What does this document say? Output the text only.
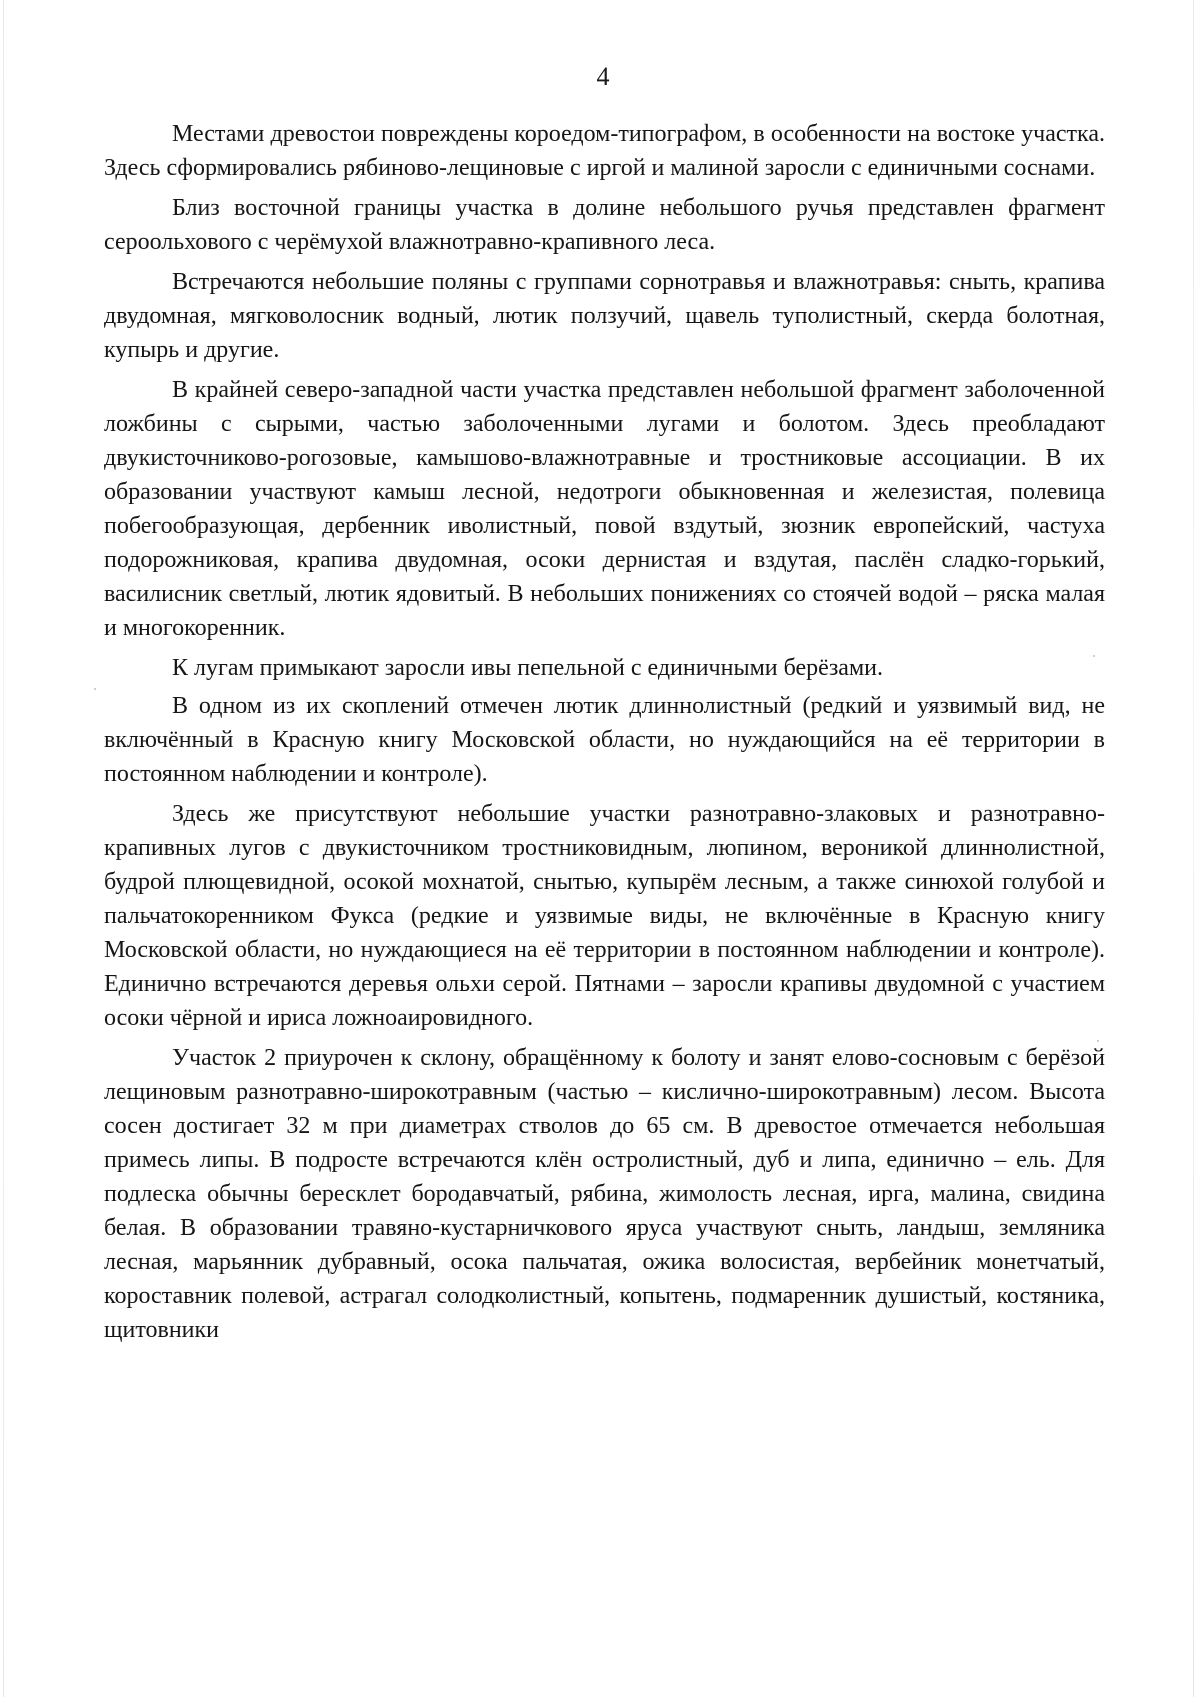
4

Местами древостои повреждены короедом-типографом, в особенности на востоке участка. Здесь сформировались рябиново-лещиновые с иргой и малиной заросли с единичными соснами.

Близ восточной границы участка в долине небольшого ручья представлен фрагмент сероольхового с черёмухой влажнотравно-крапивного леса.

Встречаются небольшие поляны с группами сорнотравья и влажнотравья: сныть, крапива двудомная, мягковолосник водный, лютик ползучий, щавель туполистный, скерда болотная, купырь и другие.

В крайней северо-западной части участка представлен небольшой фрагмент заболоченной ложбины с сырыми, частью заболоченными лугами и болотом. Здесь преобладают двукисточниково-рогозовые, камышово-влажнотравные и тростниковые ассоциации. В их образовании участвуют камыш лесной, недотроги обыкновенная и железистая, полевица побегообразующая, дербенник иволистный, повой вздутый, зюзник европейский, частуха подорожниковая, крапива двудомная, осоки дернистая и вздутая, паслён сладко-горький, василисник светлый, лютик ядовитый. В небольших понижениях со стоячей водой – ряска малая и многокоренник.

К лугам примыкают заросли ивы пепельной с единичными берёзами.

В одном из их скоплений отмечен лютик длиннолистный (редкий и уязвимый вид, не включённый в Красную книгу Московской области, но нуждающийся на её территории в постоянном наблюдении и контроле).

Здесь же присутствуют небольшие участки разнотравно-злаковых и разнотравно-крапивных лугов с двукисточником тростниковидным, люпином, вероникой длиннолистной, будрой плющевидной, осокой мохнатой, снытью, купырём лесным, а также синюхой голубой и пальчатокоренником Фукса (редкие и уязвимые виды, не включённые в Красную книгу Московской области, но нуждающиеся на её территории в постоянном наблюдении и контроле). Единично встречаются деревья ольхи серой. Пятнами – заросли крапивы двудомной с участием осоки чёрной и ириса ложноаировидного.

Участок 2 приурочен к склону, обращённому к болоту и занят елово-сосновым с берёзой лещиновым разнотравно-широкотравным (частью – кислично-широкотравным) лесом. Высота сосен достигает 32 м при диаметрах стволов до 65 см. В древостое отмечается небольшая примесь липы. В подросте встречаются клён остролистный, дуб и липа, единично – ель. Для подлеска обычны бересклет бородавчатый, рябина, жимолость лесная, ирга, малина, свидина белая. В образовании травяно-кустарничкового яруса участвуют сныть, ландыш, земляника лесная, марьянник дубравный, осока пальчатая, ожика волосистая, вербейник монетчатый, короставник полевой, астрагал солодколистный, копытень, подмаренник душистый, костяника, щитовники
